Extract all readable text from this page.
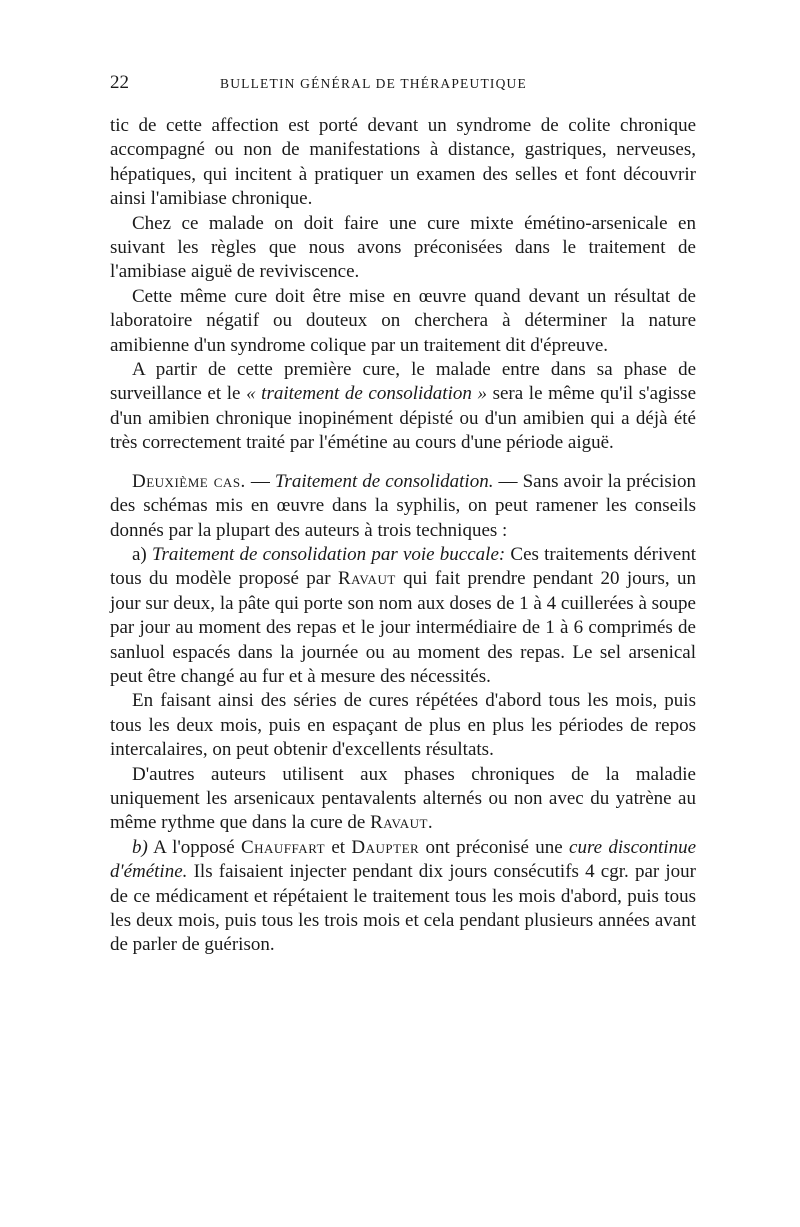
22	BULLETIN GÉNÉRAL DE THÉRAPEUTIQUE

tic de cette affection est porté devant un syndrome de colite chronique accompagné ou non de manifestations à distance, gastriques, nerveuses, hépatiques, qui incitent à pratiquer un examen des selles et font découvrir ainsi l'amibiase chronique.

Chez ce malade on doit faire une cure mixte émétino-arsenicale en suivant les règles que nous avons préconisées dans le traitement de l'amibiase aiguë de reviviscence.

Cette même cure doit être mise en œuvre quand devant un résultat de laboratoire négatif ou douteux on cherchera à déterminer la nature amibienne d'un syndrome colique par un traitement dit d'épreuve.

A partir de cette première cure, le malade entre dans sa phase de surveillance et le « traitement de consolidation » sera le même qu'il s'agisse d'un amibien chronique inopinément dépisté ou d'un amibien qui a déjà été très correctement traité par l'émétine au cours d'une période aiguë.

Deuxième cas. — Traitement de consolidation. — Sans avoir la précision des schémas mis en œuvre dans la syphilis, on peut ramener les conseils donnés par la plupart des auteurs à trois techniques :

a) Traitement de consolidation par voie buccale: Ces traitements dérivent tous du modèle proposé par Ravaut qui fait prendre pendant 20 jours, un jour sur deux, la pâte qui porte son nom aux doses de 1 à 4 cuillerées à soupe par jour au moment des repas et le jour intermédiaire de 1 à 6 comprimés de sanluol espacés dans la journée ou au moment des repas. Le sel arsenical peut être changé au fur et à mesure des nécessités.

En faisant ainsi des séries de cures répétées d'abord tous les mois, puis tous les deux mois, puis en espaçant de plus en plus les périodes de repos intercalaires, on peut obtenir d'excellents résultats.

D'autres auteurs utilisent aux phases chroniques de la maladie uniquement les arsenicaux pentavalents alternés ou non avec du yatrène au même rythme que dans la cure de Ravaut.

b) A l'opposé Chauffart et Daupter ont préconisé une cure discontinue d'émétine. Ils faisaient injecter pendant dix jours consécutifs 4 cgr. par jour de ce médicament et répétaient le traitement tous les mois d'abord, puis tous les deux mois, puis tous les trois mois et cela pendant plusieurs années avant de parler de guérison.
